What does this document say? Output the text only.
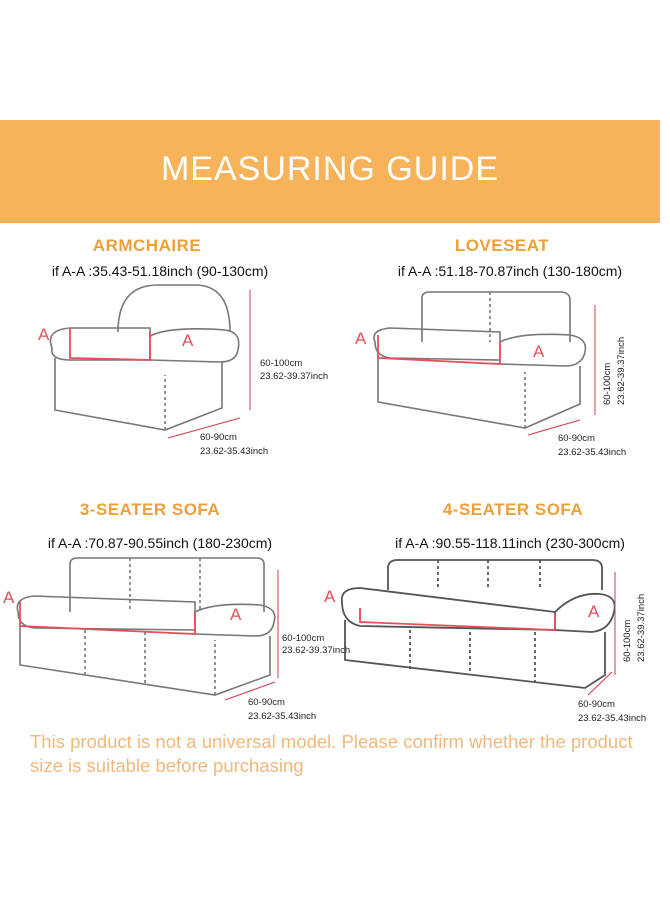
MEASURING GUIDE
ARMCHAIRE
if A-A :35.43-51.18inch (90-130cm)
A	A
60-100cm
23.62-39.37inch
60-90cm
23.62-35.43inch
LOVESEAT
if A-A :51.18-70.87inch (130-180cm)
A
A
60-100cm 23.62-39.37inch
60-90cm
23.62-35.43inch
3-SEATER SOFA
if A-A :70.87-90.55inch (180-230cm)
A
A
60-100cm
23.62-39.37inch
60-90cm
23.62-35.43inch
4-SEATER SOFA
if A-A :90.55-118.11inch (230-300cm)
A
A
60-100cm 23.62-39.37inch
60-90cm
23.62-35.43inch
This product is not a universal model. Please confirm whether the product size is suitable before purchasing
